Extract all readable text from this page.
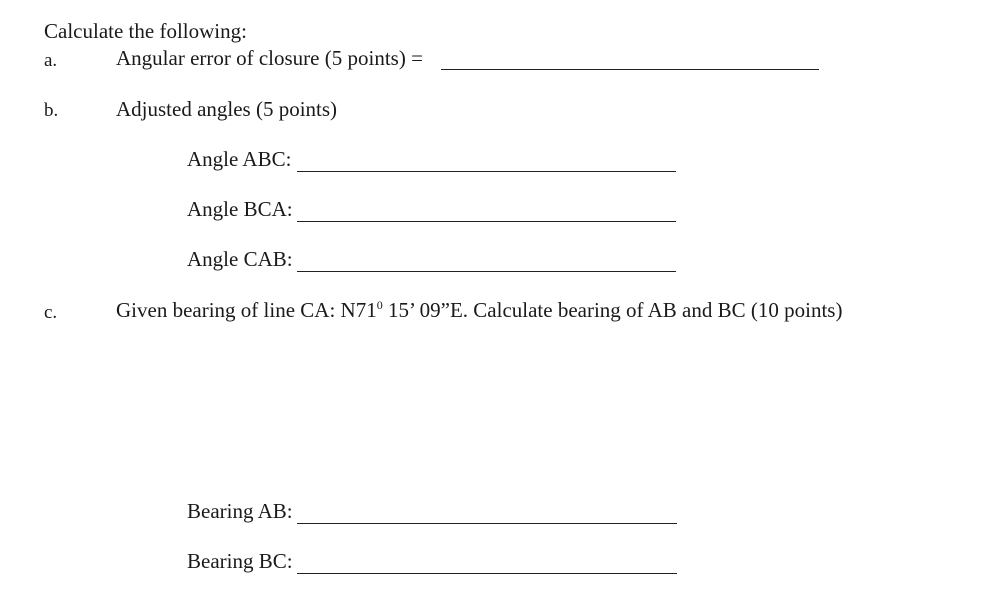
Calculate the following:
a.	Angular error of closure (5 points) =
b.	Adjusted angles (5 points)
Angle ABC:
Angle BCA:
Angle CAB:
c.	Given bearing of line CA: $N71^0$ 15’ 09”E. Calculate bearing of AB and BC (10 points)
Bearing AB:
Bearing BC:
